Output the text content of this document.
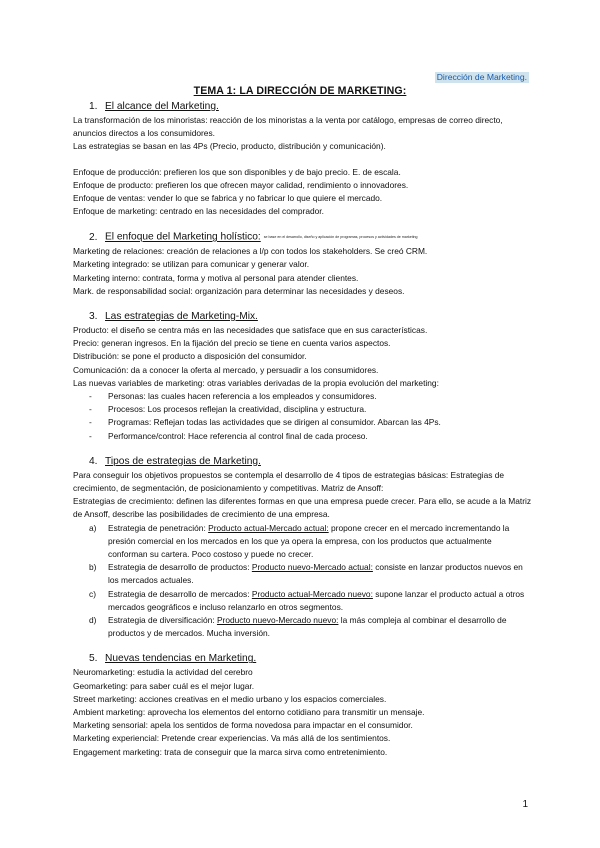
Dirección de Marketing.
TEMA 1: LA DIRECCIÓN DE MARKETING:
1. El alcance del Marketing.

La transformación de los minoristas: reacción de los minoristas a la venta por catálogo, empresas de correo directo, anuncios directos a los consumidores.

Las estrategias se basan en las 4Ps (Precio, producto, distribución y comunicación).

Enfoque de producción: prefieren los que son disponibles y de bajo precio. E. de escala.

Enfoque de producto: prefieren los que ofrecen mayor calidad, rendimiento o innovadores.

Enfoque de ventas: vender lo que se fabrica y no fabricar lo que quiere el mercado.

Enfoque de marketing: centrado en las necesidades del comprador.

2. El enfoque del Marketing holístico: se base en el desarrollo, diseño y aplicación de programas, procesos y actividades de marketing

Marketing de relaciones: creación de relaciones a l/p con todos los stakeholders. Se creó CRM.

Marketing integrado: se utilizan para comunicar y generar valor.

Marketing interno: contrata, forma y motiva al personal para atender clientes.

Mark. de responsabilidad social: organización para determinar las necesidades y deseos.

3. Las estrategias de Marketing-Mix.

Producto: el diseño se centra más en las necesidades que satisface que en sus características.

Precio: generan ingresos. En la fijación del precio se tiene en cuenta varios aspectos.

Distribución: se pone el producto a disposición del consumidor.

Comunicación: da a conocer la oferta al mercado, y persuadir a los consumidores.

Las nuevas variables de marketing: otras variables derivadas de la propia evolución del marketing:

- Personas: las cuales hacen referencia a los empleados y consumidores.
- Procesos: Los procesos reflejan la creatividad, disciplina y estructura.
- Programas: Reflejan todas las actividades que se dirigen al consumidor. Abarcan las 4Ps.
- Performance/control: Hace referencia al control final de cada proceso.
4. Tipos de estrategias de Marketing.

Para conseguir los objetivos propuestos se contempla el desarrollo de 4 tipos de estrategias básicas: Estrategias de crecimiento, de segmentación, de posicionamiento y competitivas. Matriz de Ansoff:

Estrategias de crecimiento: definen las diferentes formas en que una empresa puede crecer. Para ello, se acude a la Matriz de Ansoff, describe las posibilidades de crecimiento de una empresa.

a) Estrategia de penetración: Producto actual-Mercado actual: propone crecer en el mercado incrementando la presión comercial en los mercados en los que ya opera la empresa, con los productos que actualmente conforman su cartera. Poco costoso y puede no crecer.
b) Estrategia de desarrollo de productos: Producto nuevo-Mercado actual: consiste en lanzar productos nuevos en los mercados actuales.
c) Estrategia de desarrollo de mercados: Producto actual-Mercado nuevo: supone lanzar el producto actual a otros mercados geográficos e incluso relanzarlo en otros segmentos.
d) Estrategia de diversificación: Producto nuevo-Mercado nuevo: la más compleja al combinar el desarrollo de productos y de mercados. Mucha inversión.
5. Nuevas tendencias en Marketing.

Neuromarketing: estudia la actividad del cerebro

Geomarketing: para saber cuál es el mejor lugar.

Street marketing: acciones creativas en el medio urbano y los espacios comerciales.

Ambient marketing: aprovecha los elementos del entorno cotidiano para transmitir un mensaje.

Marketing sensorial: apela los sentidos de forma novedosa para impactar en el consumidor.

Marketing experiencial: Pretende crear experiencias. Va más allá de los sentimientos.

Engagement marketing: trata de conseguir que la marca sirva como entretenimiento.

1
